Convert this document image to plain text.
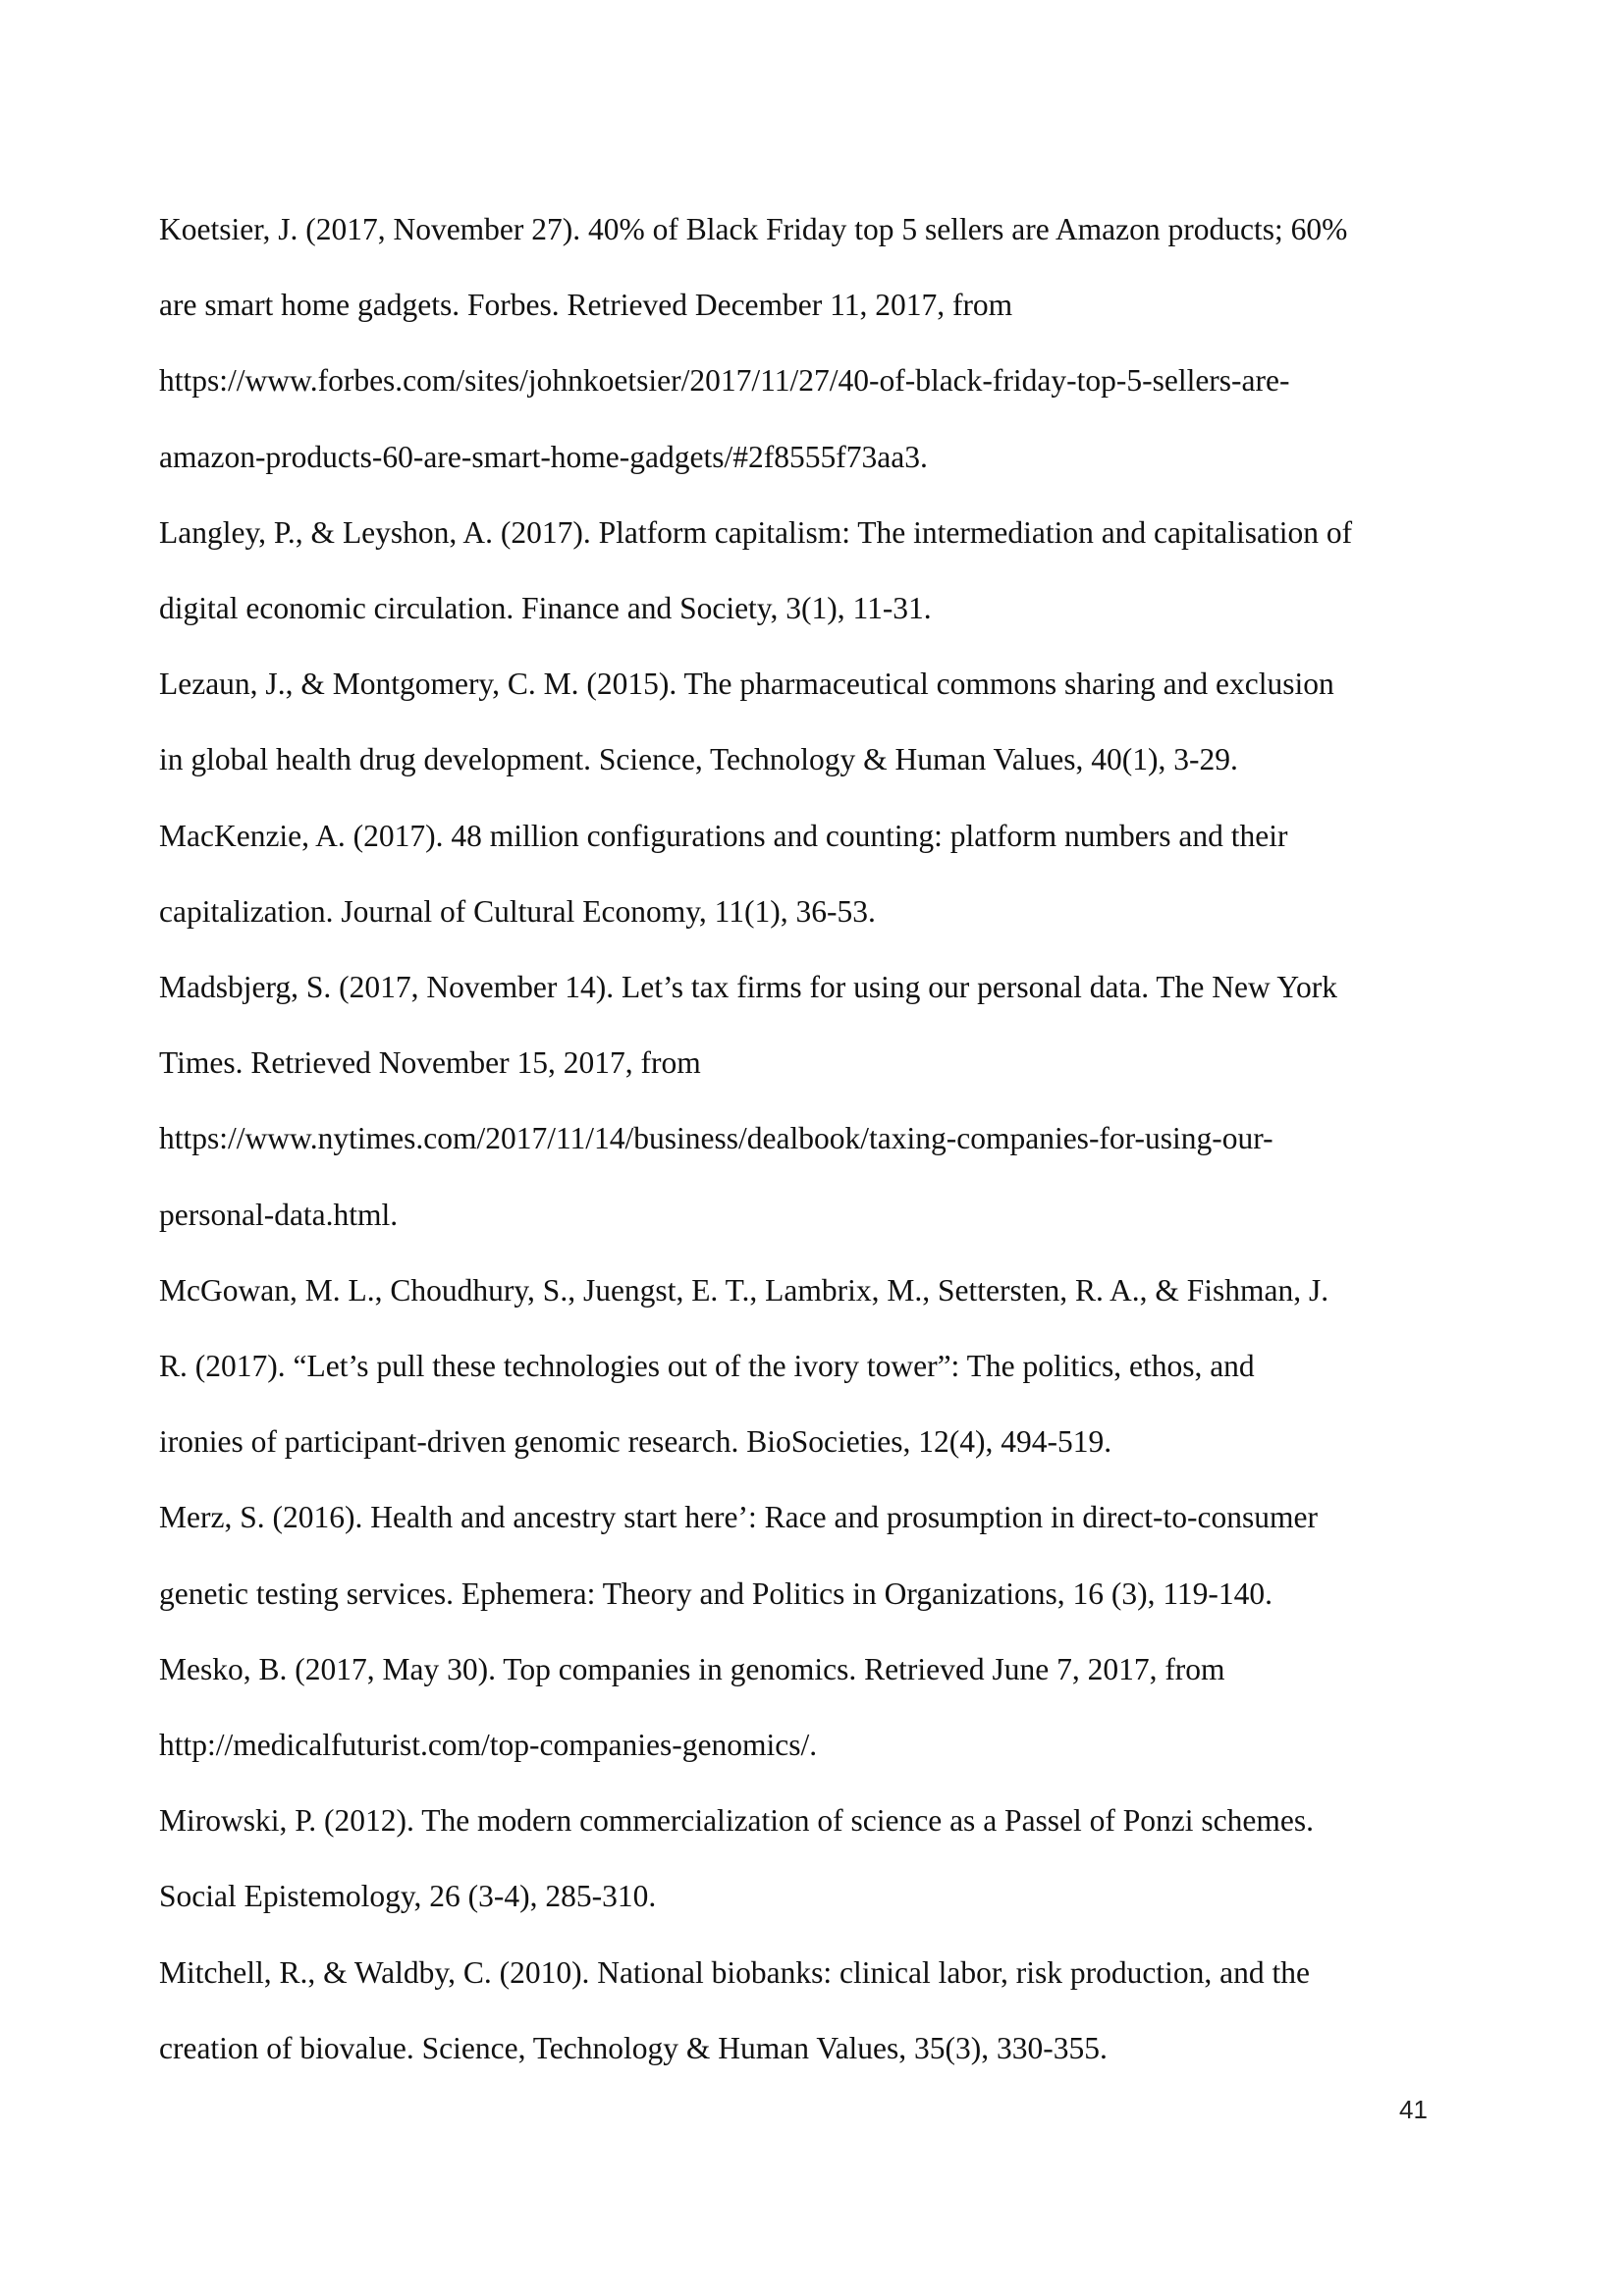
Koetsier, J. (2017, November 27). 40% of Black Friday top 5 sellers are Amazon products; 60%
are smart home gadgets. Forbes. Retrieved December 11, 2017, from
https://www.forbes.com/sites/johnkoetsier/2017/11/27/40-of-black-friday-top-5-sellers-are-
amazon-products-60-are-smart-home-gadgets/#2f8555f73aa3.

Langley, P., & Leyshon, A. (2017). Platform capitalism: The intermediation and capitalisation of
digital economic circulation. Finance and Society, 3(1), 11-31.

Lezaun, J., & Montgomery, C. M. (2015). The pharmaceutical commons sharing and exclusion
in global health drug development. Science, Technology & Human Values, 40(1), 3-29.

MacKenzie, A. (2017). 48 million configurations and counting: platform numbers and their
capitalization. Journal of Cultural Economy, 11(1), 36-53.

Madsbjerg, S. (2017, November 14). Let’s tax firms for using our personal data. The New York
Times. Retrieved November 15, 2017, from
https://www.nytimes.com/2017/11/14/business/dealbook/taxing-companies-for-using-our-
personal-data.html.

McGowan, M. L., Choudhury, S., Juengst, E. T., Lambrix, M., Settersten, R. A., & Fishman, J.
R. (2017). “Let’s pull these technologies out of the ivory tower”: The politics, ethos, and
ironies of participant-driven genomic research. BioSocieties, 12(4), 494-519.

Merz, S. (2016). Health and ancestry start here’: Race and prosumption in direct-to-consumer
genetic testing services. Ephemera: Theory and Politics in Organizations, 16 (3), 119-140.

Mesko, B. (2017, May 30). Top companies in genomics. Retrieved June 7, 2017, from
http://medicalfuturist.com/top-companies-genomics/.

Mirowski, P. (2012). The modern commercialization of science as a Passel of Ponzi schemes.
Social Epistemology, 26 (3-4), 285-310.

Mitchell, R., & Waldby, C. (2010). National biobanks: clinical labor, risk production, and the
creation of biovalue. Science, Technology & Human Values, 35(3), 330-355.

41
